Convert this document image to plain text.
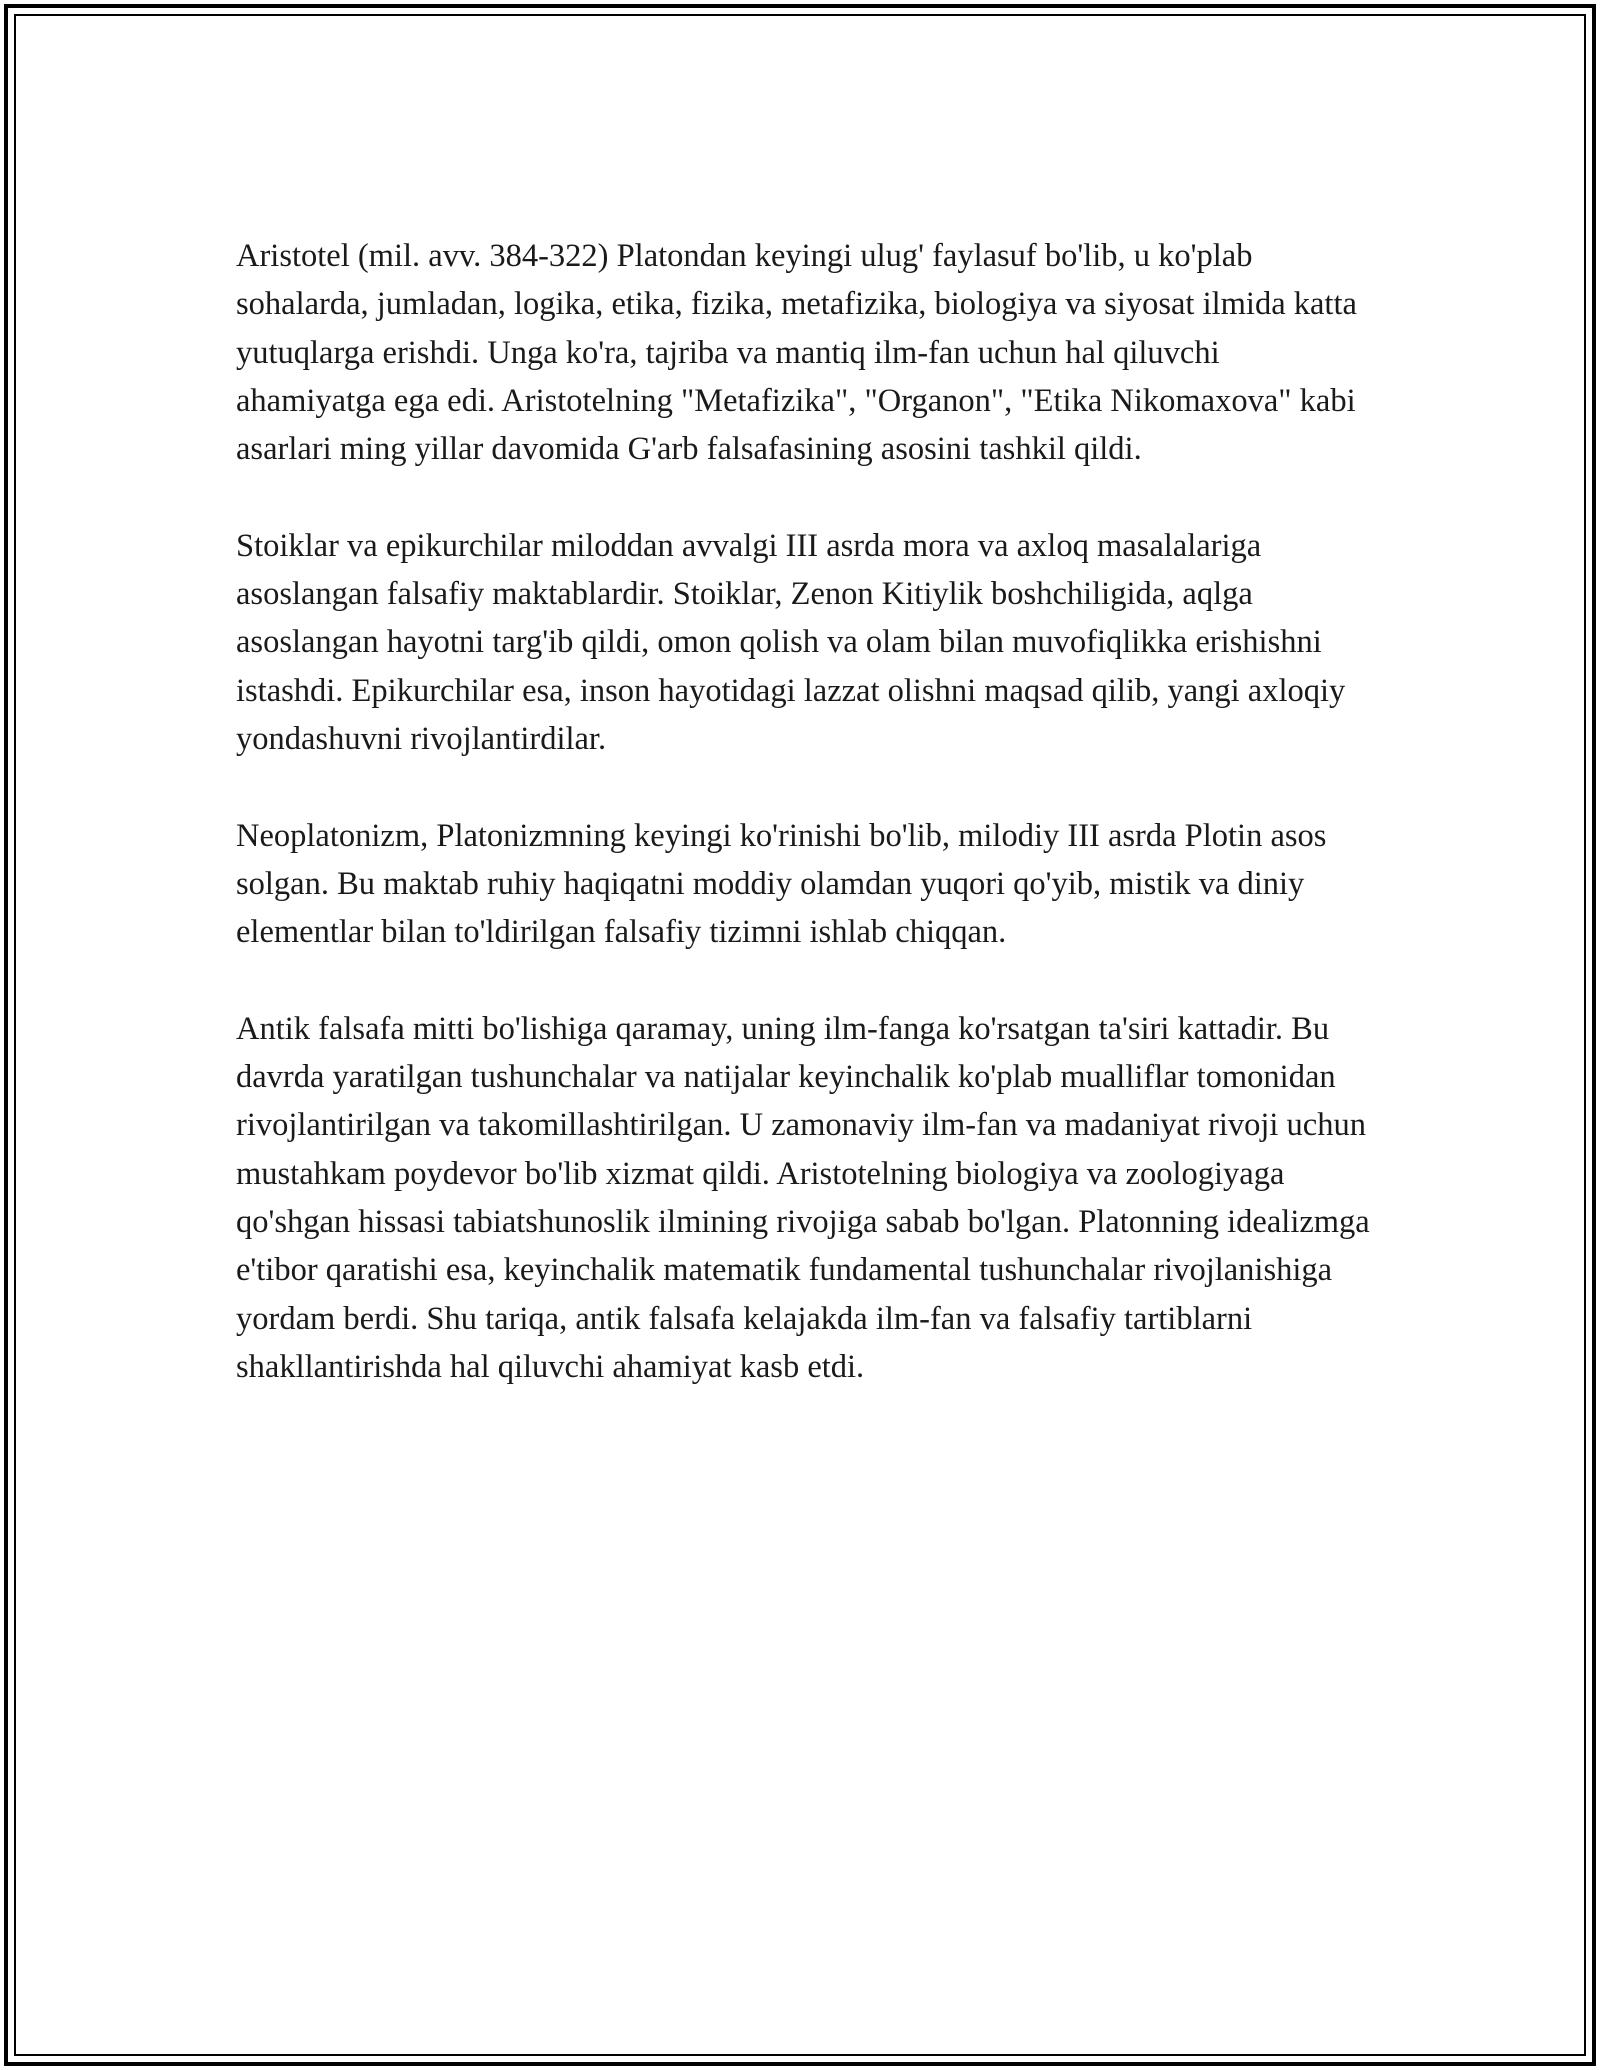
Aristotel (mil. avv. 384-322) Platondan keyingi ulug' faylasuf bo'lib, u ko'plab sohalarda, jumladan, logika, etika, fizika, metafizika, biologiya va siyosat ilmida katta yutuqlarga erishdi. Unga ko'ra, tajriba va mantiq ilm-fan uchun hal qiluvchi ahamiyatga ega edi. Aristotelning "Metafizika", "Organon", "Etika Nikomaxova" kabi asarlari ming yillar davomida G'arb falsafasining asosini tashkil qildi.

Stoiklar va epikurchilar miloddan avvalgi III asrda mora va axloq masalalariga asoslangan falsafiy maktablardir. Stoiklar, Zenon Kitiylik boshchiligida, aqlga asoslangan hayotni targ'ib qildi, omon qolish va olam bilan muvofiqlikka erishishni istashdi. Epikurchilar esa, inson hayotidagi lazzat olishni maqsad qilib, yangi axloqiy yondashuvni rivojlantirdilar.

Neoplatonizm, Platonizmning keyingi ko'rinishi bo'lib, milodiy III asrda Plotin asos solgan. Bu maktab ruhiy haqiqatni moddiy olamdan yuqori qo'yib, mistik va diniy elementlar bilan to'ldirilgan falsafiy tizimni ishlab chiqqan.

Antik falsafa mitti bo'lishiga qaramay, uning ilm-fanga ko'rsatgan ta'siri kattadir. Bu davrda yaratilgan tushunchalar va natijalar keyinchalik ko'plab mualliflar tomonidan rivojlantirilgan va takomillashtirilgan. U zamonaviy ilm-fan va madaniyat rivoji uchun mustahkam poydevor bo'lib xizmat qildi. Aristotelning biologiya va zoologiyaga qo'shgan hissasi tabiatshunoslik ilmining rivojiga sabab bo'lgan. Platonning idealizmga e'tibor qaratishi esa, keyinchalik matematik fundamental tushunchalar rivojlanishiga yordam berdi. Shu tariqa, antik falsafa kelajakda ilm-fan va falsafiy tartiblarni shakllantirishda hal qiluvchi ahamiyat kasb etdi.
